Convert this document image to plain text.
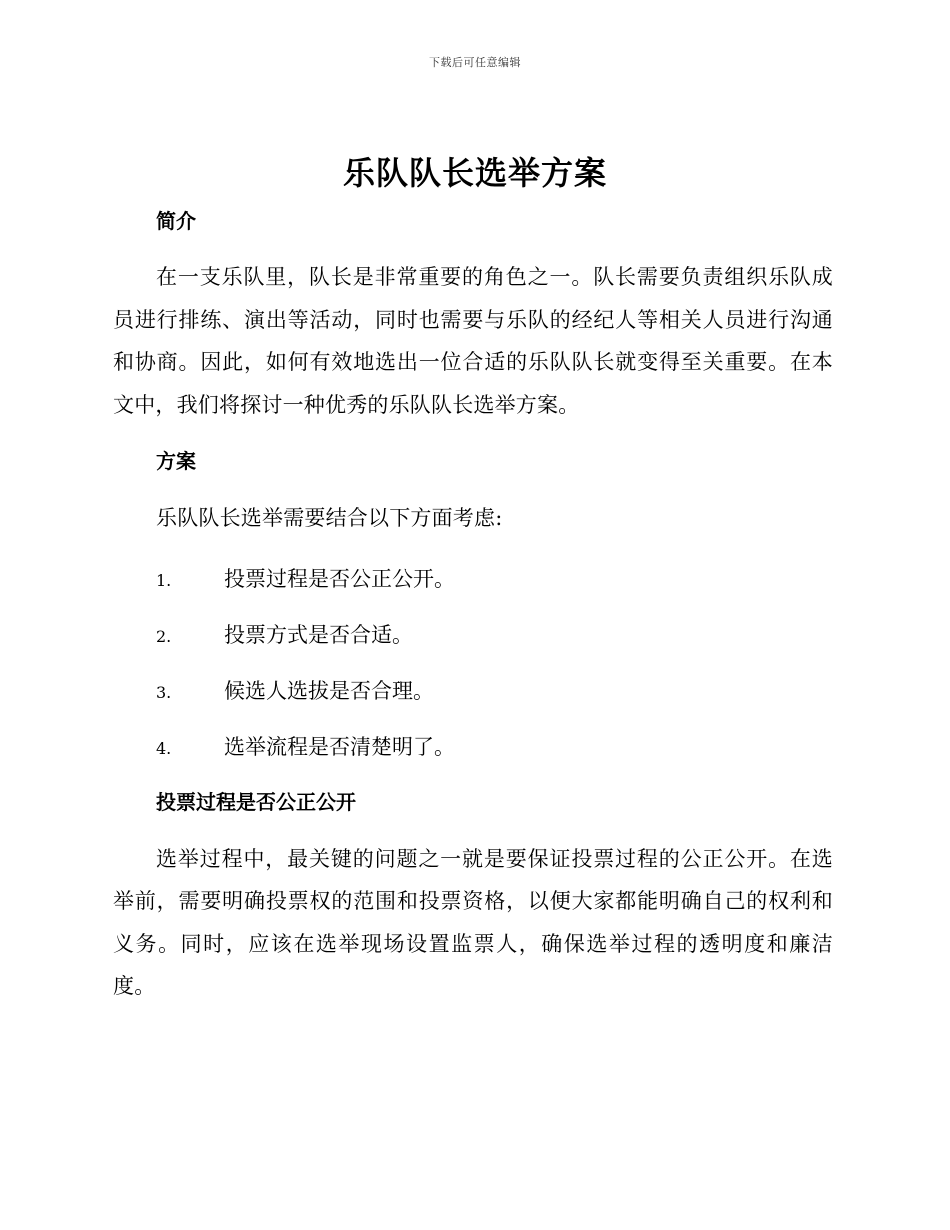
下载后可任意编辑
乐队队长选举方案
简介

在一支乐队里，队长是非常重要的角色之一。队长需要负责组织乐队成员进行排练、演出等活动，同时也需要与乐队的经纪人等相关人员进行沟通和协商。因此，如何有效地选出一位合适的乐队队长就变得至关重要。在本文中，我们将探讨一种优秀的乐队队长选举方案。

方案

乐队队长选举需要结合以下方面考虑:

1.	投票过程是否公正公开。
2.	投票方式是否合适。
3.	候选人选拔是否合理。
4.	选举流程是否清楚明了。
投票过程是否公正公开

选举过程中，最关键的问题之一就是要保证投票过程的公正公开。在选举前，需要明确投票权的范围和投票资格，以便大家都能明确自己的权利和义务。同时，应该在选举现场设置监票人，确保选举过程的透明度和廉洁度。
